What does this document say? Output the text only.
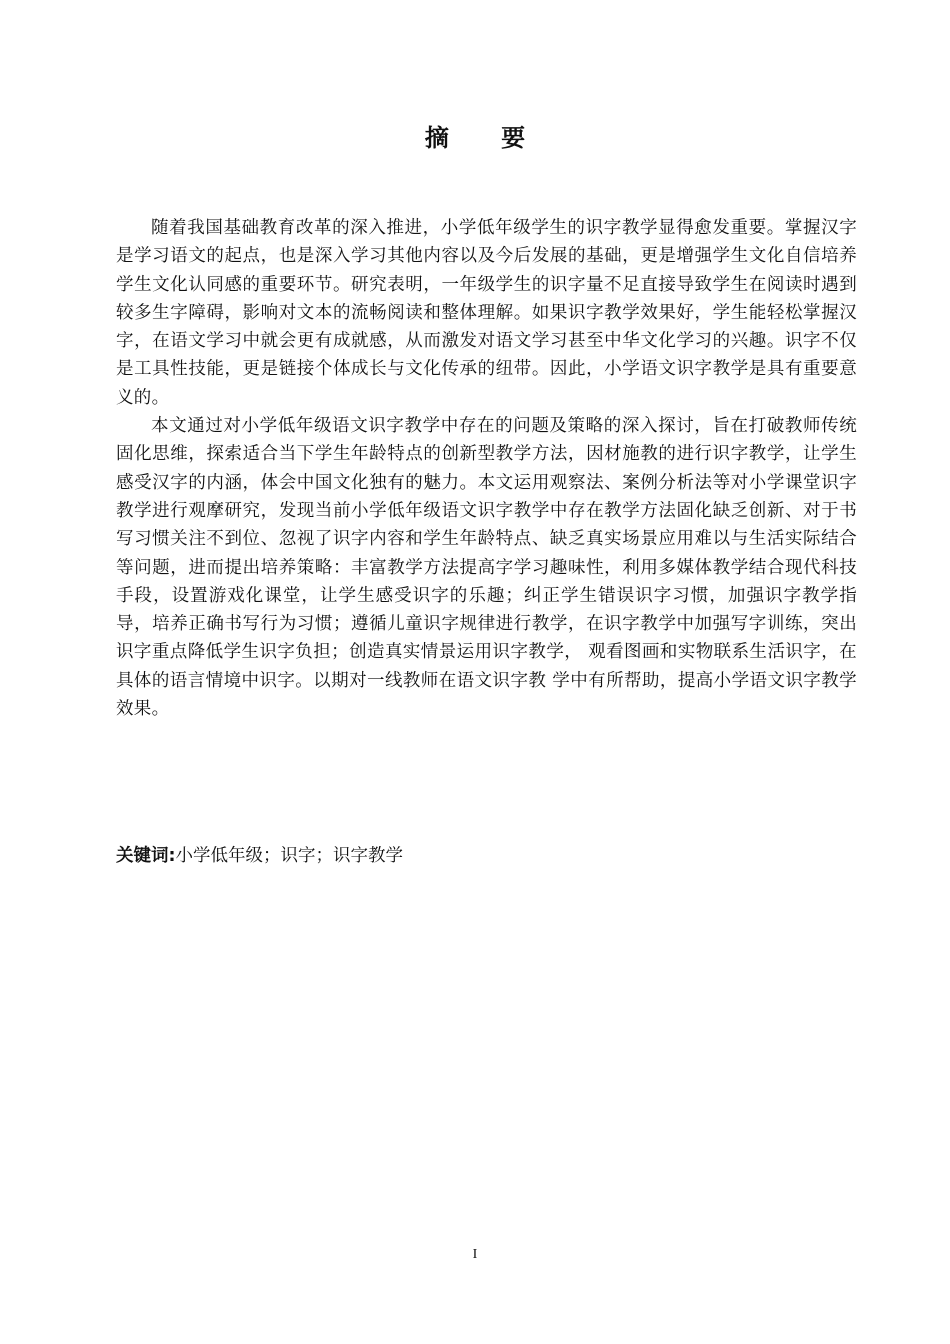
摘 要

随着我国基础教育改革的深入推进，小学低年级学生的识字教学显得愈发重要。掌握汉字是学习语文的起点，也是深入学习其他内容以及今后发展的基础，更是增强学生文化自信培养学生文化认同感的重要环节。研究表明，一年级学生的识字量不足直接导致学生在阅读时遇到较多生字障碍，影响对文本的流畅阅读和整体理解。如果识字教学效果好，学生能轻松掌握汉字，在语文学习中就会更有成就感，从而激发对语文学习甚至中华文化学习的兴趣。识字不仅是工具性技能，更是链接个体成长与文化传承的纽带。因此，小学语文识字教学是具有重要意义的。

本文通过对小学低年级语文识字教学中存在的问题及策略的深入探讨，旨在打破教师传统固化思维，探索适合当下学生年龄特点的创新型教学方法，因材施教的进行识字教学，让学生感受汉字的内涵，体会中国文化独有的魅力。本文运用观察法、案例分析法等对小学课堂识字教学进行观摩研究，发现当前小学低年级语文识字教学中存在教学方法固化缺乏创新、对于书写习惯关注不到位、忽视了识字内容和学生年龄特点、缺乏真实场景应用难以与生活实际结合等问题，进而提出培养策略：丰富教学方法提高字学习趣味性，利用多媒体教学结合现代科技手段，设置游戏化课堂，让学生感受识字的乐趣；纠正学生错误识字习惯，加强识字教学指导，培养正确书写行为习惯；遵循儿童识字规律进行教学，在识字教学中加强写字训练，突出识字重点降低学生识字负担；创造真实情景运用识字教学， 观看图画和实物联系生活识字，在具体的语言情境中识字。以期对一线教师在语文识字教 学中有所帮助，提高小学语文识字教学效果。

关键词:小学低年级；识字；识字教学
I
